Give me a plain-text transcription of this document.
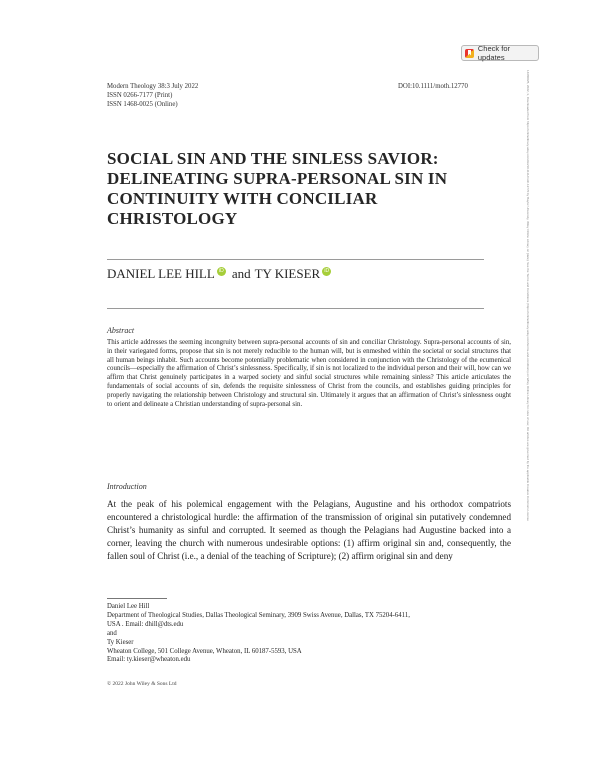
Check for updates
14680025, 2022, 3, Downloaded from https://onlinelibrary.wiley.com/doi/10.1111/moth.12770 by Baylor University, Wiley Online Library on [date]. See the Terms and Conditions (https://onlinelibrary.wiley.com/terms-and-conditions) on Wiley Online Library for rules of use; OA articles are governed by the applicable Creative Commons License
Modern Theology 38:3 July 2022
ISSN 0266-7177 (Print)
ISSN 1468-0025 (Online)
DOI:10.1111/moth.12770
SOCIAL SIN AND THE SINLESS SAVIOR: DELINEATING SUPRA-PERSONAL SIN IN CONTINUITY WITH CONCILIAR CHRISTOLOGY
DANIEL LEE HILL iD and TY KIESER iD
Abstract

This article addresses the seeming incongruity between supra-personal accounts of sin and conciliar Christology. Supra-personal accounts of sin, in their variegated forms, propose that sin is not merely reducible to the human will, but is enmeshed within the societal or social structures that all human beings inhabit. Such accounts become potentially problematic when considered in conjunction with the Christology of the ecumenical councils—especially the affirmation of Christ’s sinlessness. Specifically, if sin is not localized to the individual person and their will, how can we affirm that Christ genuinely participates in a warped society and sinful social structures while remaining sinless? This article articulates the fundamentals of social accounts of sin, defends the requisite sinlessness of Christ from the councils, and establishes guiding principles for properly navigating the relationship between Christology and structural sin. Ultimately it argues that an affirmation of Christ’s sinlessness ought to orient and delineate a Christian understanding of supra-personal sin.

Introduction

At the peak of his polemical engagement with the Pelagians, Augustine and his orthodox compatriots encountered a christological hurdle: the affirmation of the transmission of original sin putatively condemned Christ’s humanity as sinful and corrupted. It seemed as though the Pelagians had Augustine backed into a corner, leaving the church with numerous undesirable options: (1) affirm original sin and, consequently, the fallen soul of Christ (i.e., a denial of the teaching of Scripture); (2) affirm original sin and deny

Daniel Lee Hill
Department of Theological Studies, Dallas Theological Seminary, 3909 Swiss Avenue, Dallas, TX 75204-6411,
USA . Email: dhill@dts.edu
and
Ty Kieser
Wheaton College, 501 College Avenue, Wheaton, IL 60187-5593, USA
Email: ty.kieser@wheaton.edu
© 2022 John Wiley & Sons Ltd
